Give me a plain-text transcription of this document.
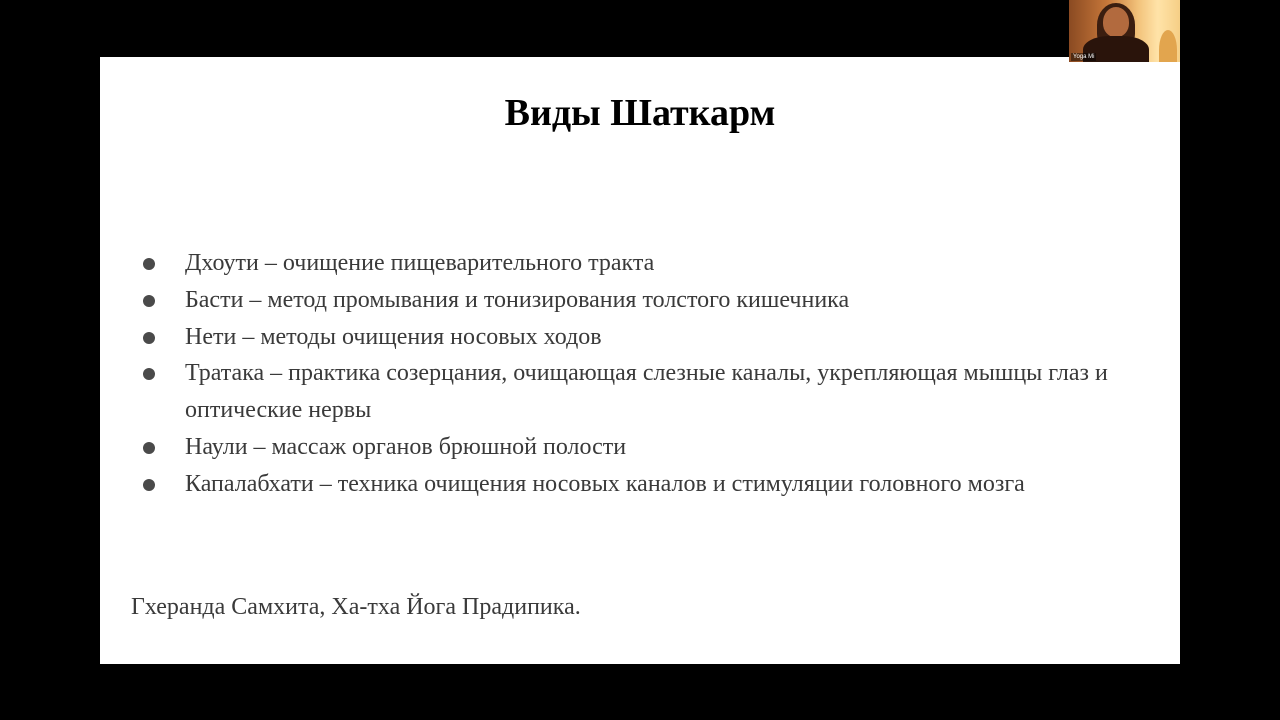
Виды Шаткарм
Дхоути – очищение пищеварительного тракта
Басти – метод промывания и тонизирования толстого кишечника
Нети – методы очищения носовых ходов
Тратака – практика созерцания, очищающая слезные каналы, укрепляющая мышцы глаз и оптические нервы
Наули – массаж органов брюшной полости
Капалабхати – техника очищения носовых каналов и стимуляции головного мозга
Гхеранда Самхита, Ха-тха Йога Прадипика.
Yoga Mi
